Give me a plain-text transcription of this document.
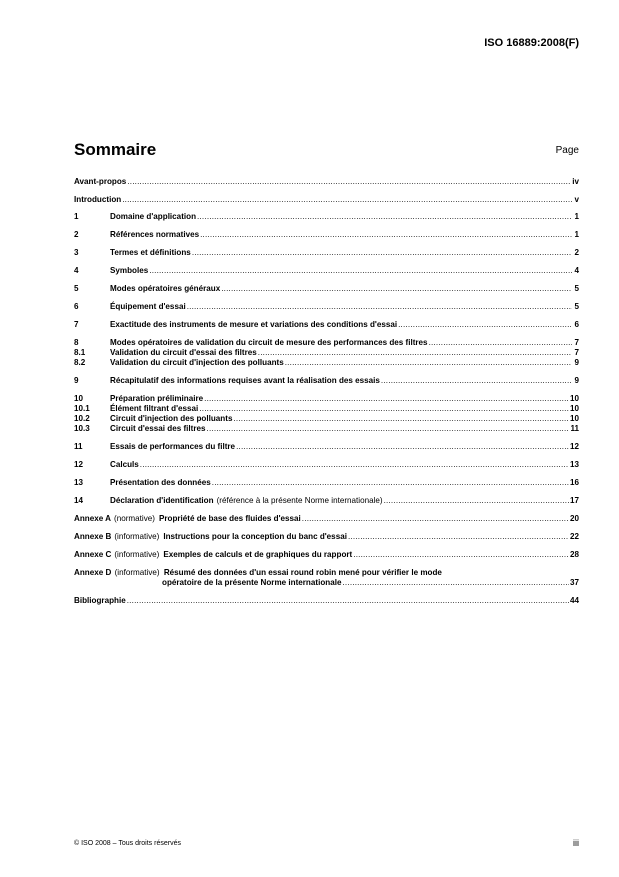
ISO 16889:2008(F)
Sommaire	Page
Avant-propos .....	iv
Introduction .....	v
1	Domaine d'application .....	1
2	Références normatives .....	1
3	Termes et définitions .....	2
4	Symboles .....	4
5	Modes opératoires généraux .....	5
6	Équipement d'essai .....	5
7	Exactitude des instruments de mesure et variations des conditions d'essai .....	6
8	Modes opératoires de validation du circuit de mesure des performances des filtres .....	7
8.1	Validation du circuit d'essai des filtres .....	7
8.2	Validation du circuit d'injection des polluants .....	9
9	Récapitulatif des informations requises avant la réalisation des essais .....	9
10	Préparation préliminaire .....	10
10.1	Élément filtrant d'essai .....	10
10.2	Circuit d'injection des polluants .....	10
10.3	Circuit d'essai des filtres .....	11
11	Essais de performances du filtre .....	12
12	Calculs .....	13
13	Présentation des données .....	16
14	Déclaration d'identification (référence à la présente Norme internationale) .....	17
Annexe A (normative) Propriété de base des fluides d'essai .....	20
Annexe B (informative) Instructions pour la conception du banc d'essai .....	22
Annexe C (informative) Exemples de calculs et de graphiques du rapport .....	28
Annexe D (informative) Résumé des données d'un essai round robin mené pour vérifier le mode
opératoire de la présente Norme internationale .....	37
Bibliographie .....	44
© ISO 2008 – Tous droits réservés	iii
